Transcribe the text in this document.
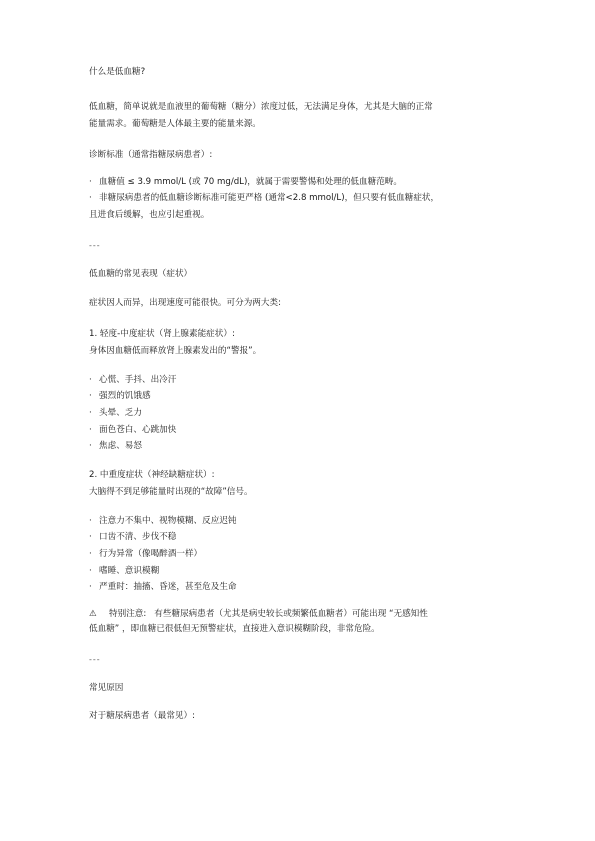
什么是低血糖?

低血糖，简单说就是血液里的葡萄糖（糖分）浓度过低，无法满足身体，尤其是大脑的正常

能量需求。葡萄糖是人体最主要的能量来源。

诊断标准（通常指糖尿病患者）:

· 血糖值 ≤ 3.9 mmol/L (或 70 mg/dL)，就属于需要警惕和处理的低血糖范畴。
· 非糖尿病患者的低血糖诊断标准可能更严格 (通常<2.8 mmol/L)，但只要有低血糖症状，

且进食后缓解，也应引起重视。

---

低血糖的常见表现（症状）

症状因人而异，出现速度可能很快。可分为两大类:

1. 轻度-中度症状（肾上腺素能症状）:

身体因血糖低而释放肾上腺素发出的“警报”。

· 心慌、手抖、出冷汗
· 强烈的饥饿感
· 头晕、乏力
· 面色苍白、心跳加快
· 焦虑、易怒

2. 中重度症状（神经缺糖症状）:

大脑得不到足够能量时出现的“故障”信号。

· 注意力不集中、视物模糊、反应迟钝
· 口齿不清、步伐不稳
· 行为异常（像喝醉酒一样）
· 嗜睡、意识模糊
· 严重时：抽搐、昏迷，甚至危及生命
⚠	特别注意: 有些糖尿病患者（尤其是病史较长或频繁低血糖者）可能出现 “无感知性

低血糖” ，即血糖已很低但无预警症状，直接进入意识模糊阶段，非常危险。

---

常见原因

对于糖尿病患者（最常见）:
